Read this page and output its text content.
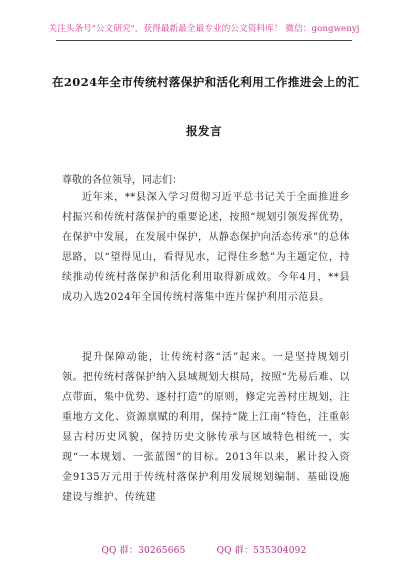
关注头条号"公文研究"，获得最新最全最专业的公文资料库！ 微信：gongwenyj
在2024年全市传统村落保护和活化利用工作推进会上的汇
报发言
尊敬的各位领导，同志们：

近年来，**县深入学习贯彻习近平总书记关于全面推进乡村振兴和传统村落保护的重要论述，按照“规划引领发挥优势，在保护中发展，在发展中保护，从静态保护向活态传承”的总体思路，以“望得见山，看得见水，记得住乡愁”为主题定位，持续推动传统村落保护和活化利用取得新成效。今年4月，**县成功入选2024年全国传统村落集中连片保护利用示范县。

提升保障动能，让传统村落“活”起来。一是坚持规划引领。把传统村落保护纳入县域规划大棋局，按照“先易后难、以点带面，集中优势、逐村打造”的原则，修定完善村庄规划，注重地方文化、资源禀赋的利用，保持“陇上江南”特色，注重彰显古村历史风貌，保持历史文脉传承与区域特色相统一，实现“一本规划、一张蓝图”的目标。2013年以来，累计投入资金9135万元用于传统村落保护利用发展规划编制、基础设施建设与维护、传统建

QQ 群：30265665	QQ 群：535304092
